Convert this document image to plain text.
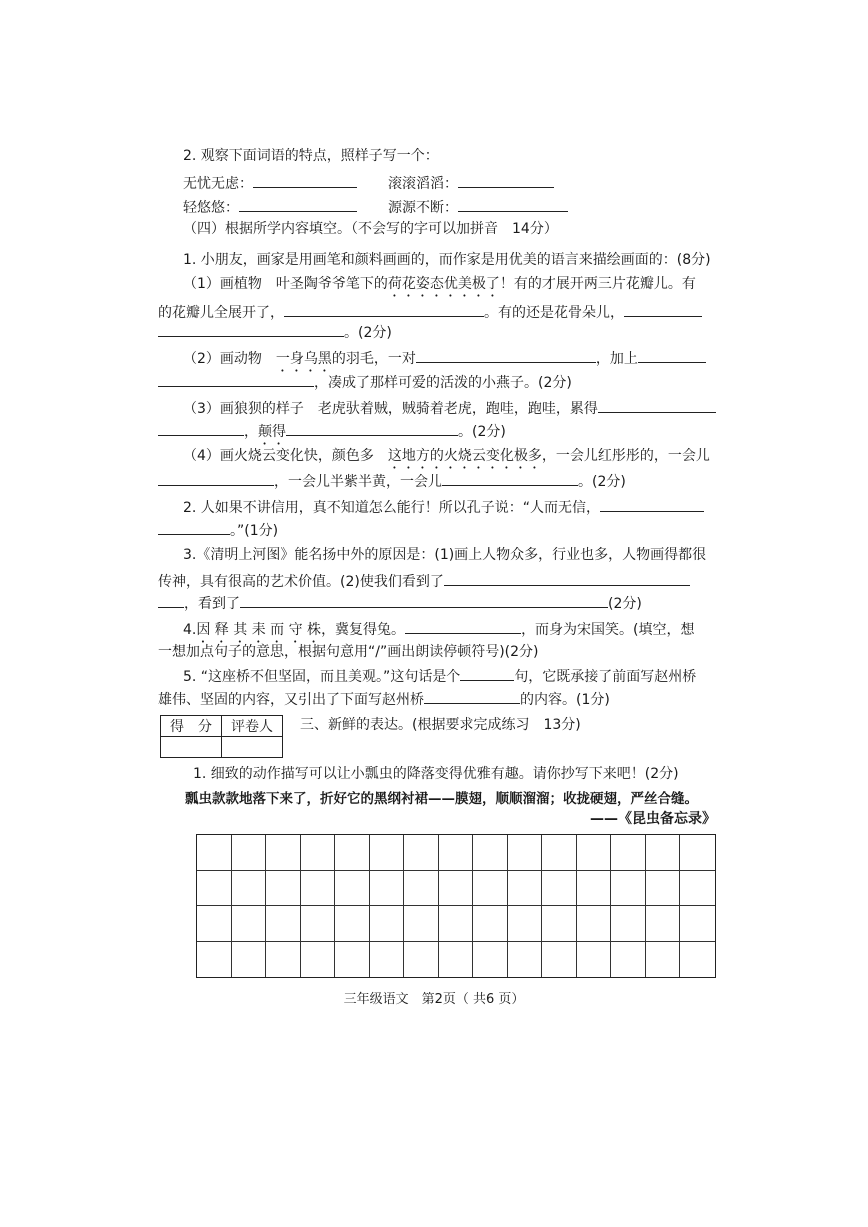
2. 观察下面词语的特点，照样子写一个：
无忧无虑：	滚滚滔滔：
轻悠悠：	源源不断：
（四）根据所学内容填空。（不会写的字可以加拼音　14分）
1. 小朋友，画家是用画笔和颜料画画的，而作家是用优美的语言来描绘画面的：(8分)
（1）画植物　叶圣陶爷爷笔下的荷花姿态优美极了！有的才展开两三片花瓣儿。有
的花瓣儿全展开了，	。有的还是花骨朵儿，
。(2分)
（2）画动物　一身乌黑的羽毛，一对	，加上
，凑成了那样可爱的活泼的小燕子。(2分)
（3）画狼狈的样子　老虎驮着贼，贼骑着老虎，跑哇，跑哇，累得
，颠得	。(2分)
（4）画火烧云变化快，颜色多　这地方的火烧云变化极多，一会儿红彤彤的，一会儿
，一会儿半紫半黄，一会儿	。(2分)
2. 人如果不讲信用，真不知道怎么能行！所以孔子说：“人而无信，
。”(1分)
3.《清明上河图》能名扬中外的原因是：(1)画上人物众多，行业也多，人物画得都很
传神，具有很高的艺术价值。(2)使我们看到了
，看到了	(2分)
4.因 释 其 耒 而 守 株，冀复得兔。	，而身为宋国笑。(填空，想
一想加点句子的意思，根据句意用“/”画出朗读停顿符号)(2分)
5. “这座桥不但坚固，而且美观。”这句话是个	句，它既承接了前面写赵州桥
雄伟、坚固的内容，又引出了下面写赵州桥	的内容。(1分)
得　分	评卷人
	三、新鲜的表达。(根据要求完成练习　13分)
1. 细致的动作描写可以让小瓢虫的降落变得优雅有趣。请你抄写下来吧！(2分)
瓢虫款款地落下来了，折好它的黑纲衬裙——膜翅，顺顺溜溜；收拢硬翅，严丝合缝。
——《昆虫备忘录》
三年级语文　第2页（ 共6 页）
